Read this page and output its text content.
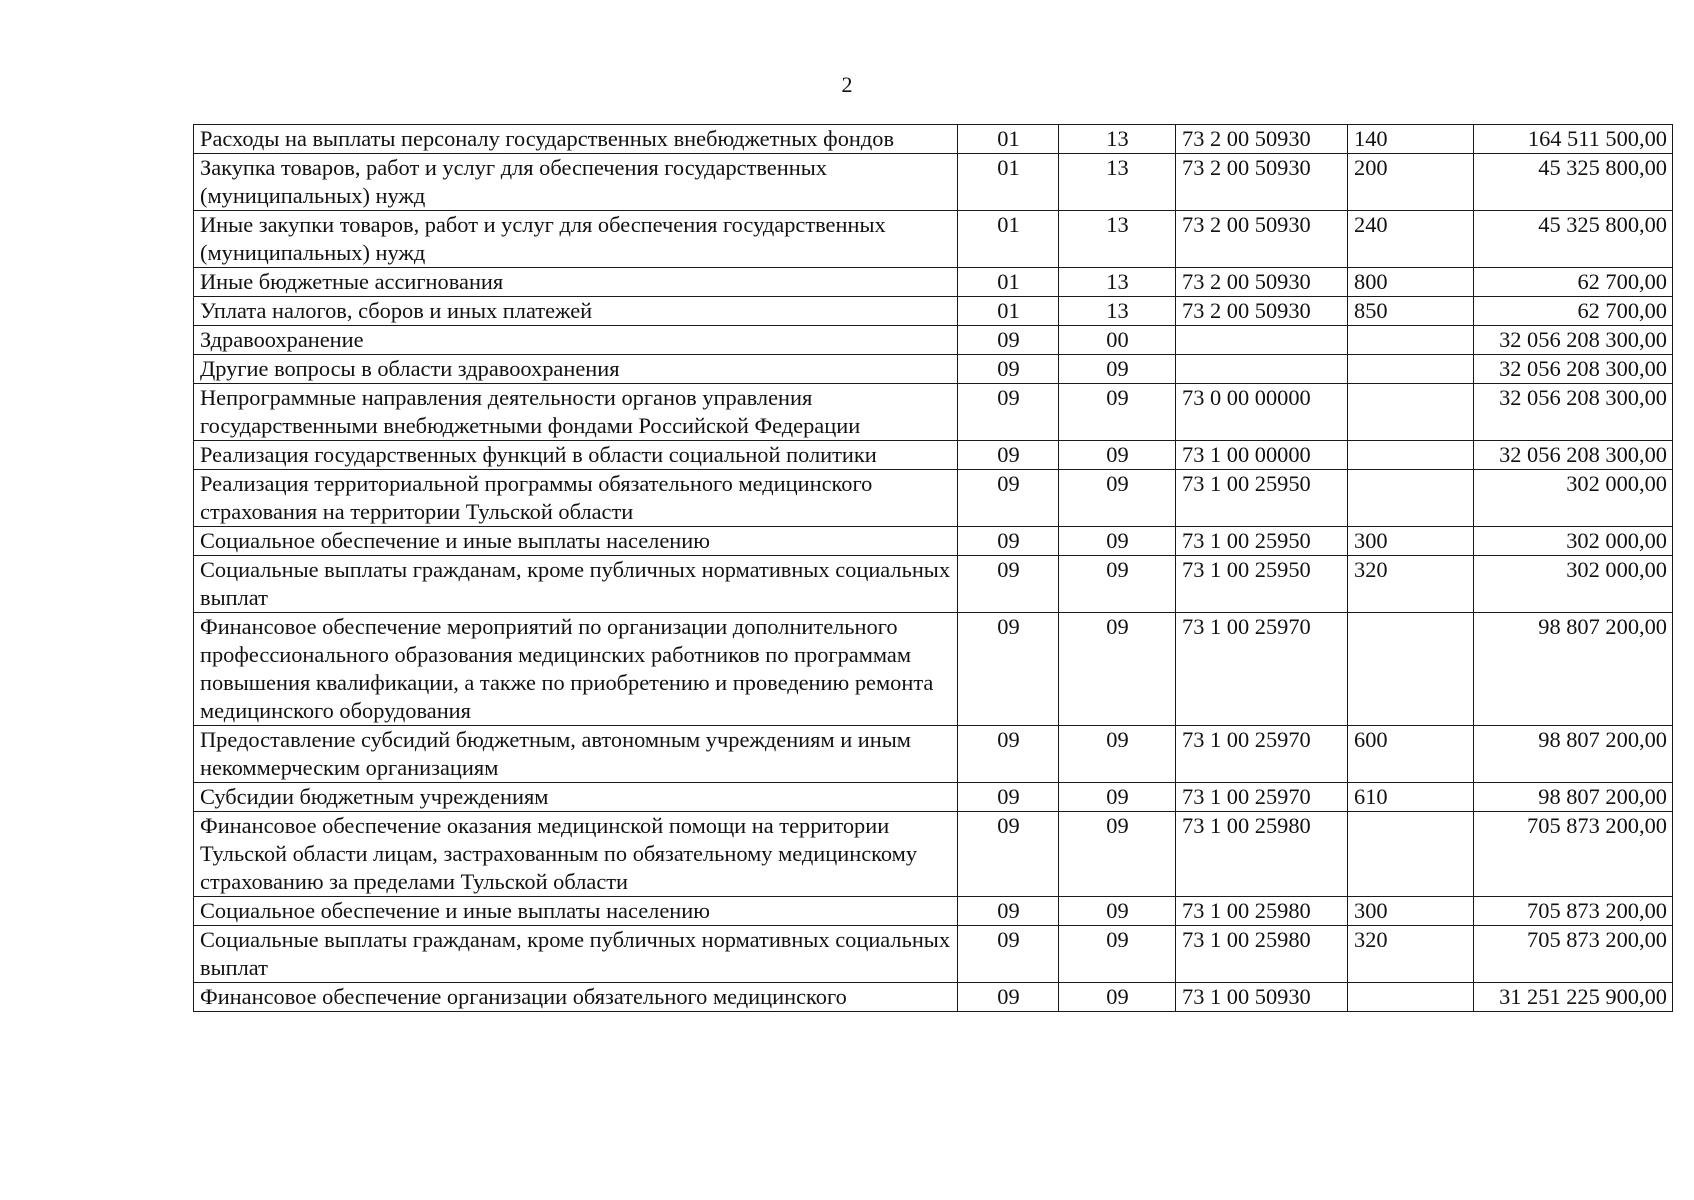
2
Расходы на выплаты персоналу государственных внебюджетных фондов	01	13	73 2 00 50930	140	164 511 500,00
Закупка товаров, работ и услуг для обеспечения государственных (муниципальных) нужд	01	13	73 2 00 50930	200	45 325 800,00
Иные закупки товаров, работ и услуг для обеспечения государственных (муниципальных) нужд	01	13	73 2 00 50930	240	45 325 800,00
Иные бюджетные ассигнования	01	13	73 2 00 50930	800	62 700,00
Уплата налогов, сборов и иных платежей	01	13	73 2 00 50930	850	62 700,00
Здравоохранение	09	00			32 056 208 300,00
Другие вопросы в области здравоохранения	09	09			32 056 208 300,00
Непрограммные направления деятельности органов управления государственными внебюджетными фондами Российской Федерации	09	09	73 0 00 00000		32 056 208 300,00
Реализация государственных функций в области социальной политики	09	09	73 1 00 00000		32 056 208 300,00
Реализация территориальной программы обязательного медицинского страхования на территории Тульской области	09	09	73 1 00 25950		302 000,00
Социальное обеспечение и иные выплаты населению	09	09	73 1 00 25950	300	302 000,00
Социальные выплаты гражданам, кроме публичных нормативных социальных выплат	09	09	73 1 00 25950	320	302 000,00
Финансовое обеспечение мероприятий по организации дополнительного профессионального образования медицинских работников по программам повышения квалификации, а также по приобретению и проведению ремонта медицинского оборудования	09	09	73 1 00 25970		98 807 200,00
Предоставление субсидий бюджетным, автономным учреждениям и иным некоммерческим организациям	09	09	73 1 00 25970	600	98 807 200,00
Субсидии бюджетным учреждениям	09	09	73 1 00 25970	610	98 807 200,00
Финансовое обеспечение оказания медицинской помощи на территории Тульской области лицам, застрахованным по обязательному медицинскому страхованию за пределами Тульской области	09	09	73 1 00 25980		705 873 200,00
Социальное обеспечение и иные выплаты населению	09	09	73 1 00 25980	300	705 873 200,00
Социальные выплаты гражданам, кроме публичных нормативных социальных выплат	09	09	73 1 00 25980	320	705 873 200,00
Финансовое обеспечение организации обязательного медицинского	09	09	73 1 00 50930		31 251 225 900,00
